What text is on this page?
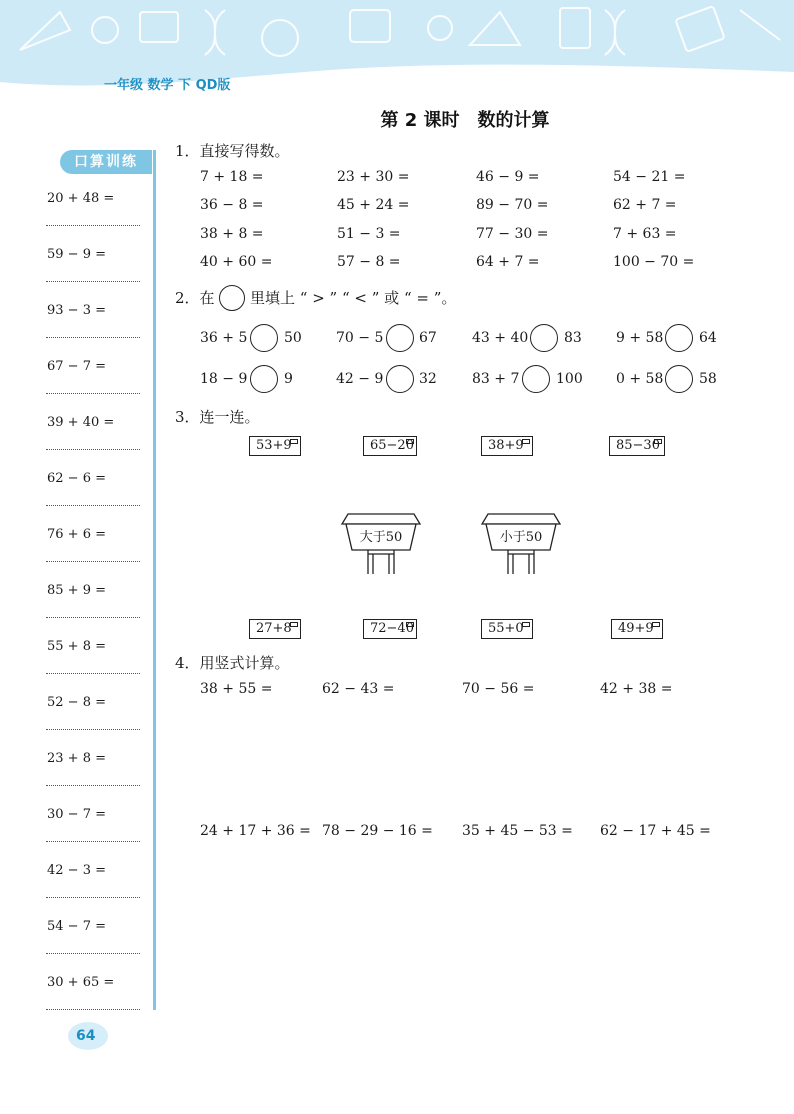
一年级 数学 下 QD版
第 2 课时　数的计算
口算训练
20 + 48 =
59 − 9 =
93 − 3 =
67 − 7 =
39 + 40 =
62 − 6 =
76 + 6 =
85 + 9 =
55 + 8 =
52 − 8 =
23 + 8 =
30 − 7 =
42 − 3 =
54 − 7 =
30 + 65 =
1．直接写得数。
7 + 18 =	23 + 30 =	46 − 9 =	54 − 21 =
36 − 8 =	45 + 24 =	89 − 70 =	62 + 7 =
38 + 8 =	51 − 3 =	77 − 30 =	7 + 63 =
40 + 60 =	57 − 8 =	64 + 7 =	100 − 70 =
2．在 里填上 “ > ” “ < ” 或 “ = ”。
36 + 5	50 70 − 5	67	43 + 40	83 9 + 58	64
18 − 9	9	42 − 9	32	83 + 7	100 0 + 58	58
3．连一连。
53+9	65−20	38+9	85−30
大于50	小于50
27+8	72−40	55+0	49+9
4．用竖式计算。
38 + 55 =	62 − 43 =	70 − 56 =	42 + 38 =
24 + 17 + 36 = 78 − 29 − 16 = 35 + 45 − 53 = 62 − 17 + 45 =
64
